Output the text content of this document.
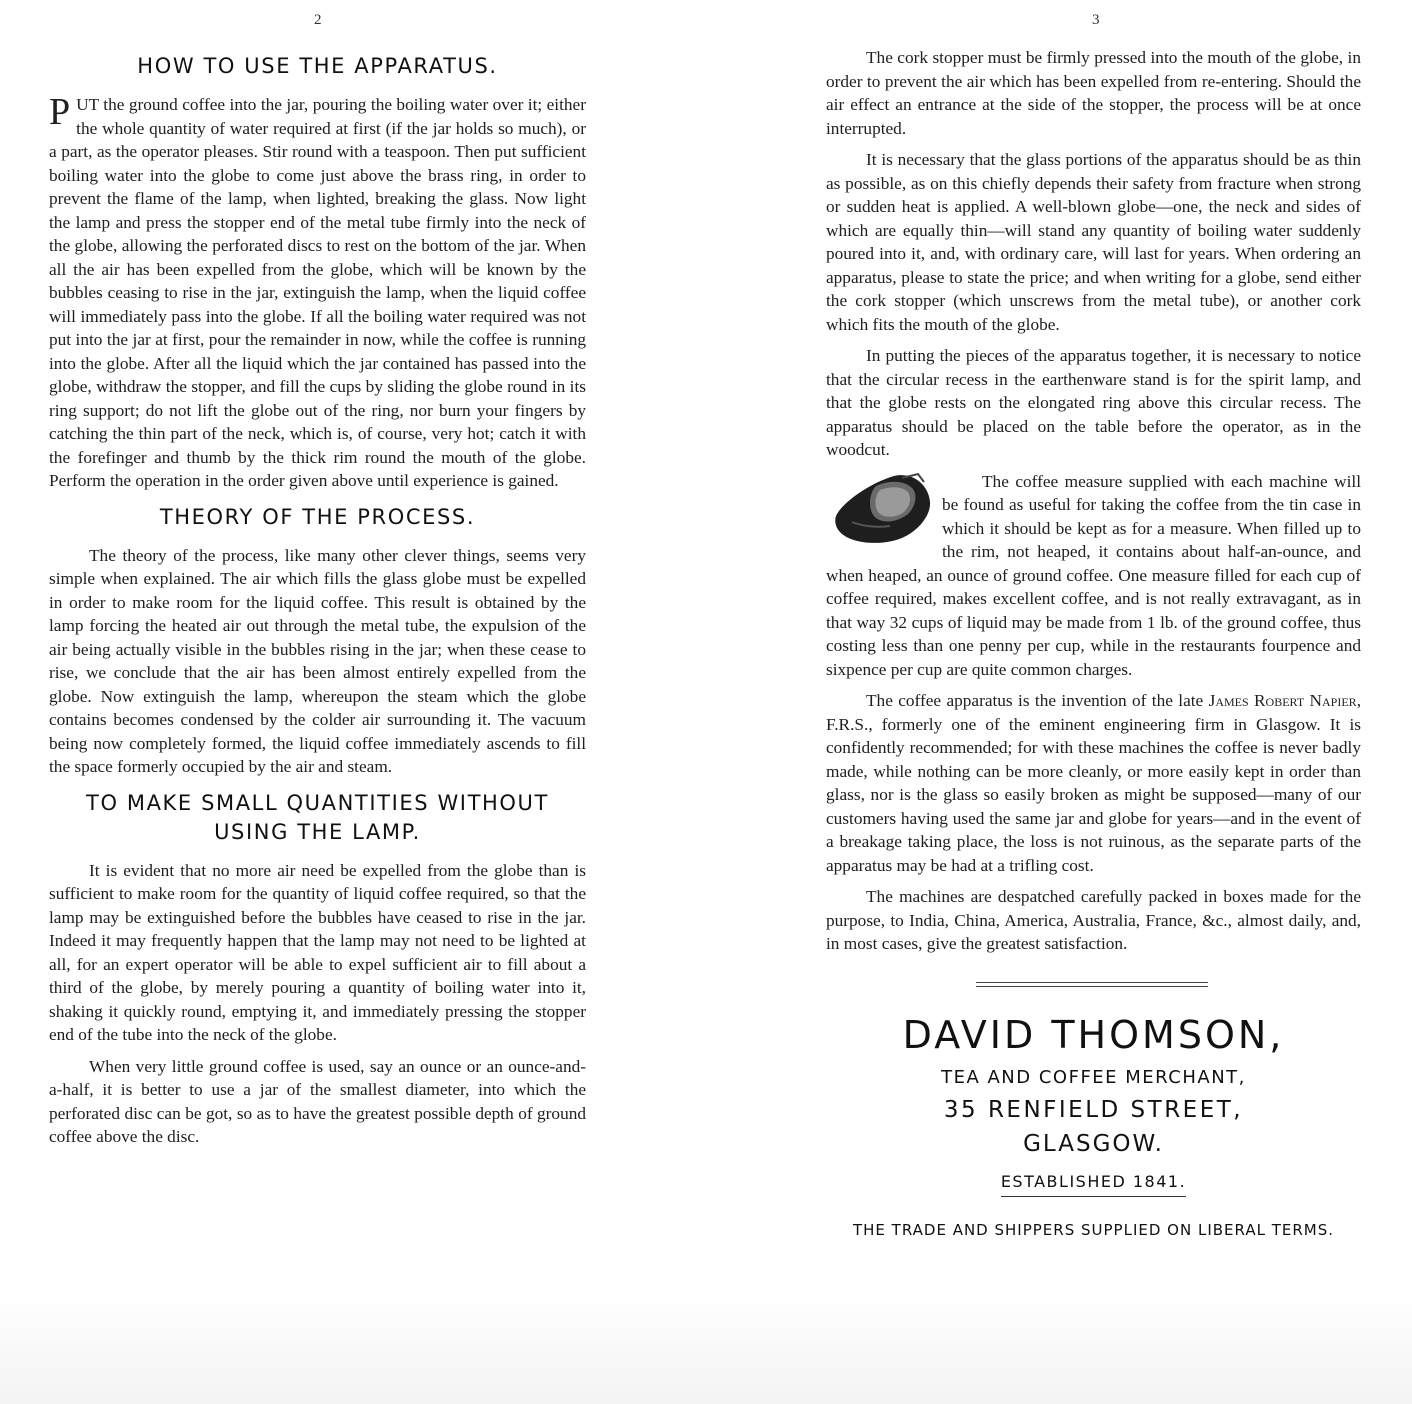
2
HOW TO USE THE APPARATUS.

PUT the ground coffee into the jar, pouring the boiling water over it; either the whole quantity of water required at first (if the jar holds so much), or a part, as the operator pleases. Stir round with a teaspoon. Then put sufficient boiling water into the globe to come just above the brass ring, in order to prevent the flame of the lamp, when lighted, breaking the glass. Now light the lamp and press the stopper end of the metal tube firmly into the neck of the globe, allowing the perforated discs to rest on the bottom of the jar. When all the air has been expelled from the globe, which will be known by the bubbles ceasing to rise in the jar, extinguish the lamp, when the liquid coffee will immediately pass into the globe. If all the boiling water required was not put into the jar at first, pour the remainder in now, while the coffee is running into the globe. After all the liquid which the jar contained has passed into the globe, withdraw the stopper, and fill the cups by sliding the globe round in its ring support; do not lift the globe out of the ring, nor burn your fingers by catching the thin part of the neck, which is, of course, very hot; catch it with the forefinger and thumb by the thick rim round the mouth of the globe. Perform the operation in the order given above until experience is gained.

THEORY OF THE PROCESS.

The theory of the process, like many other clever things, seems very simple when explained. The air which fills the glass globe must be expelled in order to make room for the liquid coffee. This result is obtained by the lamp forcing the heated air out through the metal tube, the expulsion of the air being actually visible in the bubbles rising in the jar; when these cease to rise, we conclude that the air has been almost entirely expelled from the globe. Now extinguish the lamp, whereupon the steam which the globe contains becomes condensed by the colder air surrounding it. The vacuum being now completely formed, the liquid coffee immediately ascends to fill the space formerly occupied by the air and steam.

TO MAKE SMALL QUANTITIES WITHOUT
USING THE LAMP.

It is evident that no more air need be expelled from the globe than is sufficient to make room for the quantity of liquid coffee required, so that the lamp may be extinguished before the bubbles have ceased to rise in the jar. Indeed it may frequently happen that the lamp may not need to be lighted at all, for an expert operator will be able to expel sufficient air to fill about a third of the globe, by merely pouring a quantity of boiling water into it, shaking it quickly round, emptying it, and immediately pressing the stopper end of the tube into the neck of the globe.

When very little ground coffee is used, say an ounce or an ounce-and-a-half, it is better to use a jar of the smallest diameter, into which the perforated disc can be got, so as to have the greatest possible depth of ground coffee above the disc.

3

The cork stopper must be firmly pressed into the mouth of the globe, in order to prevent the air which has been expelled from re-entering. Should the air effect an entrance at the side of the stopper, the process will be at once interrupted.

It is necessary that the glass portions of the apparatus should be as thin as possible, as on this chiefly depends their safety from fracture when strong or sudden heat is applied. A well-blown globe—one, the neck and sides of which are equally thin—will stand any quantity of boiling water suddenly poured into it, and, with ordinary care, will last for years. When ordering an apparatus, please to state the price; and when writing for a globe, send either the cork stopper (which unscrews from the metal tube), or another cork which fits the mouth of the globe.

In putting the pieces of the apparatus together, it is necessary to notice that the circular recess in the earthenware stand is for the spirit lamp, and that the globe rests on the elongated ring above this circular recess. The apparatus should be placed on the table before the operator, as in the woodcut.

The coffee measure supplied with each machine will be found as useful for taking the coffee from the tin case in which it should be kept as for a measure. When filled up to the rim, not heaped, it contains about half-an-ounce, and when heaped, an ounce of ground coffee. One measure filled for each cup of coffee required, makes excellent coffee, and is not really extravagant, as in that way 32 cups of liquid may be made from 1 lb. of the ground coffee, thus costing less than one penny per cup, while in the restaurants fourpence and sixpence per cup are quite common charges.

The coffee apparatus is the invention of the late James Robert Napier, F.R.S., formerly one of the eminent engineering firm in Glasgow. It is confidently recommended; for with these machines the coffee is never badly made, while nothing can be more cleanly, or more easily kept in order than glass, nor is the glass so easily broken as might be supposed—many of our customers having used the same jar and globe for years—and in the event of a breakage taking place, the loss is not ruinous, as the separate parts of the apparatus may be had at a trifling cost.

The machines are despatched carefully packed in boxes made for the purpose, to India, China, America, Australia, France, &c., almost daily, and, in most cases, give the greatest satisfaction.

DAVID THOMSON,
TEA AND COFFEE MERCHANT,
35 RENFIELD STREET,
GLASGOW.
ESTABLISHED 1841.
THE TRADE AND SHIPPERS SUPPLIED ON LIBERAL TERMS.
